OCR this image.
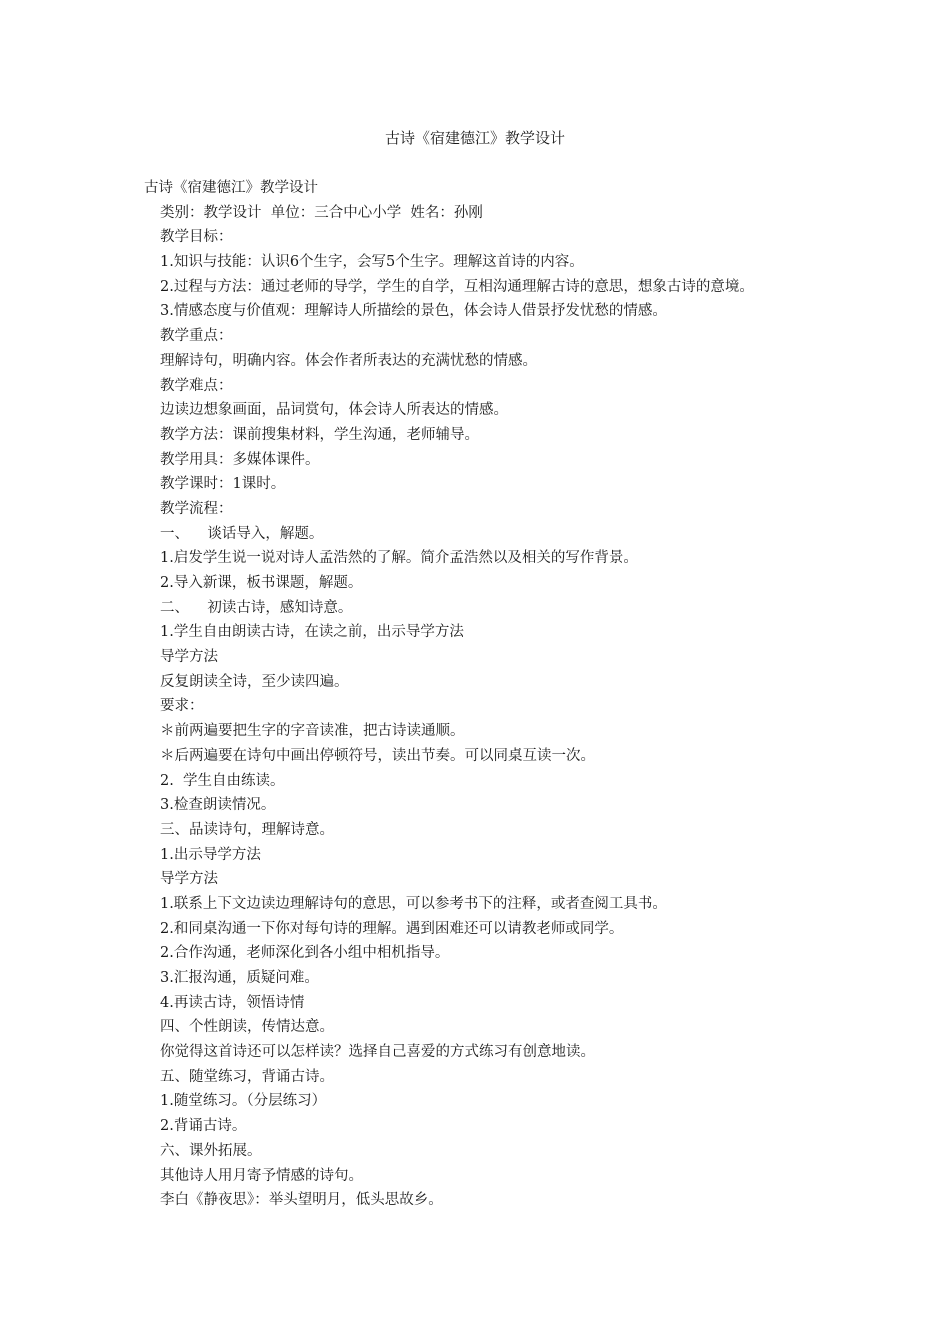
古诗《宿建德江》教学设计
古诗《宿建德江》教学设计
类别：教学设计  单位：三合中心小学  姓名：孙刚
教学目标：
1.知识与技能：认识6个生字，会写5个生字。理解这首诗的内容。
2.过程与方法：通过老师的导学，学生的自学，互相沟通理解古诗的意思，想象古诗的意境。
3.情感态度与价值观：理解诗人所描绘的景色，体会诗人借景抒发忧愁的情感。
教学重点：
理解诗句，明确内容。体会作者所表达的充满忧愁的情感。
教学难点：
边读边想象画面，品词赏句，体会诗人所表达的情感。
教学方法：课前搜集材料，学生沟通，老师辅导。
教学用具：多媒体课件。
教学课时：1课时。
教学流程：
一、    谈话导入，解题。
1.启发学生说一说对诗人孟浩然的了解。简介孟浩然以及相关的写作背景。
2.导入新课，板书课题，解题。
二、    初读古诗，感知诗意。
1.学生自由朗读古诗，在读之前，出示导学方法
导学方法
反复朗读全诗，至少读四遍。
要求：
＊前两遍要把生字的字音读准，把古诗读通顺。
＊后两遍要在诗句中画出停顿符号，读出节奏。可以同桌互读一次。
2.  学生自由练读。
3.检查朗读情况。
三、品读诗句，理解诗意。
1.出示导学方法
导学方法
1.联系上下文边读边理解诗句的意思，可以参考书下的注释，或者查阅工具书。
2.和同桌沟通一下你对每句诗的理解。遇到困难还可以请教老师或同学。
2.合作沟通，老师深化到各小组中相机指导。
3.汇报沟通，质疑问难。
4.再读古诗，领悟诗情
四、个性朗读，传情达意。
你觉得这首诗还可以怎样读？选择自己喜爱的方式练习有创意地读。
五、随堂练习，背诵古诗。
1.随堂练习。（分层练习）
2.背诵古诗。
六、课外拓展。
其他诗人用月寄予情感的诗句。
李白《静夜思》：举头望明月，低头思故乡。
